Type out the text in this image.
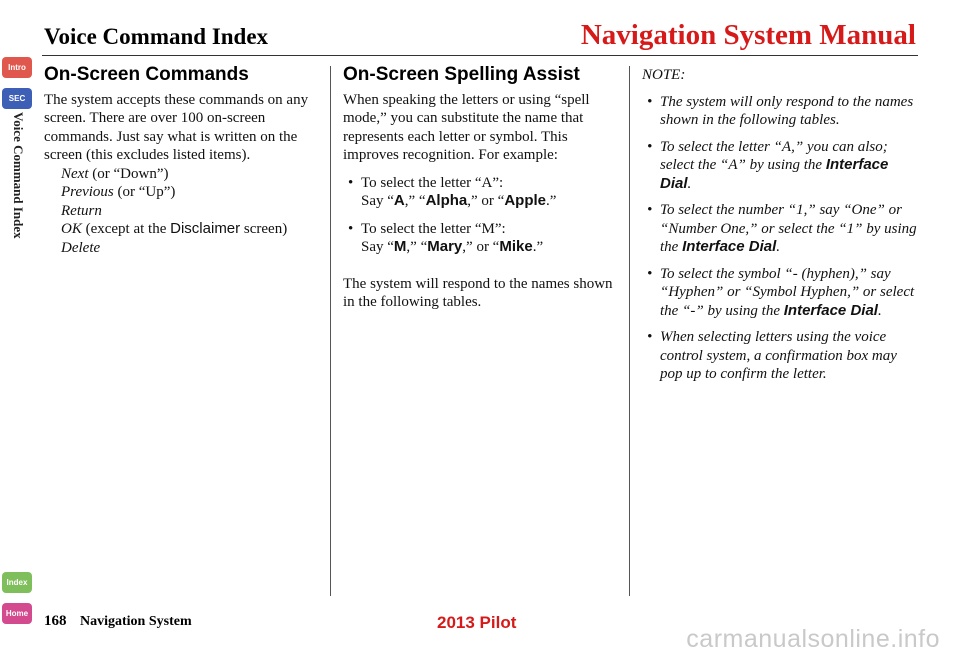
Voice Command Index	Navigation System Manual
Intro
SEC
Index
Home
Voice Command Index
On-Screen Commands

The system accepts these commands on any screen. There are over 100 on-screen commands. Just say what is written on the screen (this excludes listed items).

Next (or “Down”)
Previous (or “Up”)
Return
OK (except at the Disclaimer screen)
Delete
On-Screen Spelling Assist

When speaking the letters or using “spell mode,” you can substitute the name that represents each letter or symbol. This improves recognition. For example:

• To select the letter “A”:
Say “A,” “Alpha,” or “Apple.”
• To select the letter “M”:
Say “M,” “Mary,” or “Mike.”

The system will respond to the names shown in the following tables.

NOTE:
• The system will only respond to the names shown in the following tables.
• To select the letter “A,” you can also; select the “A” by using the Interface Dial.
• To select the number “1,” say “One” or “Number One,” or select the “1” by using the Interface Dial.
• To select the symbol “- (hyphen),” say “Hyphen” or “Symbol Hyphen,” or select the “-” by using the Interface Dial.
• When selecting letters using the voice control system, a confirmation box may pop up to confirm the letter.
168 Navigation System	2013 Pilot
carmanualsonline.info
